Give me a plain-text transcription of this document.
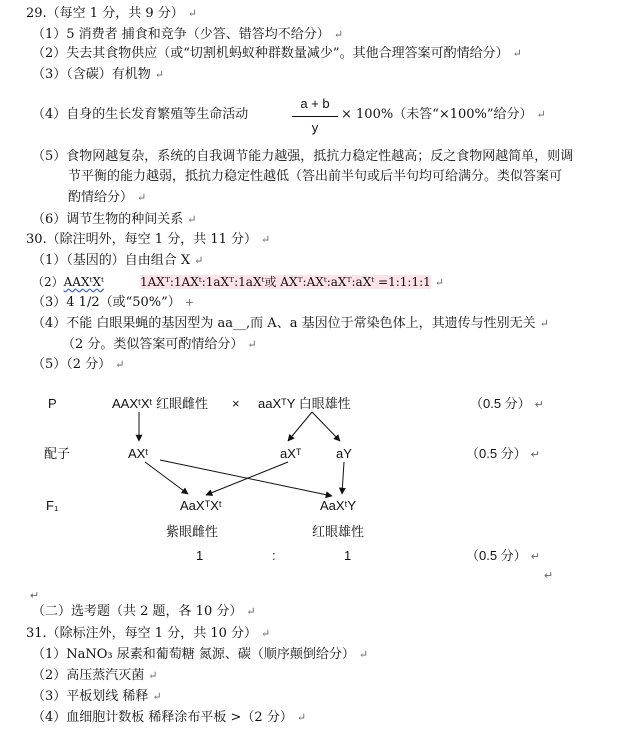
29.（每空 1 分，共 9 分） ↵
（1）5 消费者 捕食和竞争（少答、错答均不给分） ↵
（2）失去其食物供应（或“切割机蚂蚁种群数量减少”。其他合理答案可酌情给分） ↵
（3）（含碳）有机物 ↵
（4）自身的生长发育繁殖等生命活动
a + b
y
× 100%（未答“×100%”给分） ↵
（5）食物网越复杂，系统的自我调节能力越强，抵抗力稳定性越高；反之食物网越简单，则调
节平衡的能力越弱，抵抗力稳定性越低（答出前半句或后半句均可给满分。类似答案可
酌情给分） ↵
（6）调节生物的种间关系 ↵
30.（除注明外，每空 1 分，共 11 分） ↵
（1）（基因的）自由组合 X ↵
（2）AAXᵗXᵗ   	1AXᵀ:1AXᵗ:1aXᵀ:1aXᵗ或 AXᵀ:AXᵗ:aXᵀ:aXᵗ =1:1:1:1 ↵
（3）4 1/2（或“50%”） +
（4）不能 白眼果蝇的基因型为 aa__,而 A、a 基因位于常染色体上，其遗传与性别无关 ↵
（2 分。类似答案可酌情给分） ↵
（5）（2 分） ↵
P	AAXᵗXᵗ 红眼雌性 × aaXᵀY 白眼雄性	（0.5 分） ↵
配子	AXᵗ	aXᵀ	aY	（0.5 分） ↵
F₁	AaXᵀXᵗ	AaXᵗY
紫眼雌性	红眼雄性
1	:	1	（0.5 分） ↵
↵
↵
（二）选考题（共 2 题，各 10 分） ↵
31.（除标注外，每空 1 分，共 10 分） ↵
（1）NaNO₃ 尿素和葡萄糖 氮源、碳（顺序颠倒给分） ↵
（2）高压蒸汽灭菌 ↵
（3）平板划线 稀释 ↵
（4）血细胞计数板 稀释涂布平板 >（2 分） ↵
